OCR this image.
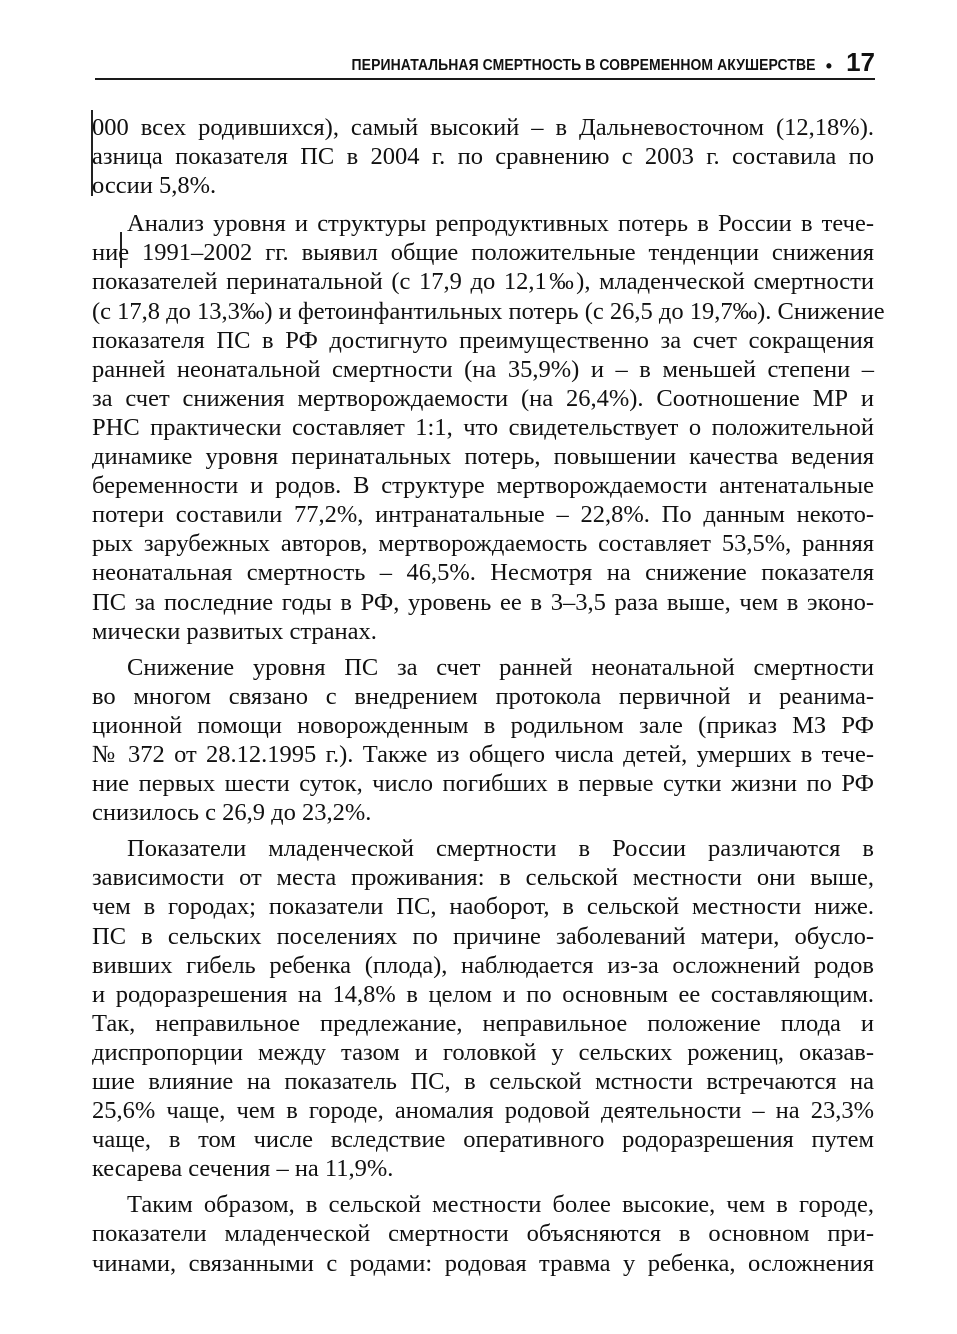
ПЕРИНАТАЛЬНАЯ СМЕРТНОСТЬ В СОВРЕМЕННОМ АКУШЕРСТВЕ • 17
000 всех родившихся), самый высокий – в Дальневосточном (12,18%).
азница показателя ПС в 2004 г. по сравнению с 2003 г. составила по
оссии 5,8%.
Анализ уровня и структуры репродуктивных потерь в России в тече-
ние 1991–2002 гг. выявил общие положительные тенденции снижения
показателей перинатальной (с 17,9 до 12,1‰), младенческой смертности
(с 17,8 до 13,3‰) и фетоинфантильных потерь (с 26,5 до 19,7‰). Снижение
показателя ПС в РФ достигнуто преимущественно за счет сокращения
ранней неонатальной смертности (на 35,9%) и – в меньшей степени –
за счет снижения мертворождаемости (на 26,4%). Соотношение МР и
РНС практически составляет 1:1, что свидетельствует о положительной
динамике уровня перинатальных потерь, повышении качества ведения
беременности и родов. В структуре мертворождаемости антенатальные
потери составили 77,2%, интранатальные – 22,8%. По данным некото-
рых зарубежных авторов, мертворождаемость составляет 53,5%, ранняя
неонатальная смертность – 46,5%. Несмотря на снижение показателя
ПС за последние годы в РФ, уровень ее в 3–3,5 раза выше, чем в эконо-
мически развитых странах.
Снижение уровня ПС за счет ранней неонатальной смертности
во многом связано с внедрением протокола первичной и реанима-
ционной помощи новорожденным в родильном зале (приказ МЗ РФ
№ 372 от 28.12.1995 г.). Также из общего числа детей, умерших в тече-
ние первых шести суток, число погибших в первые сутки жизни по РФ
снизилось с 26,9 до 23,2%.
Показатели младенческой смертности в России различаются в
зависимости от места проживания: в сельской местности они выше,
чем в городах; показатели ПС, наоборот, в сельской местности ниже.
ПС в сельских поселениях по причине заболеваний матери, обусло-
вивших гибель ребенка (плода), наблюдается из-за осложнений родов
и родоразрешения на 14,8% в целом и по основным ее составляющим.
Так, неправильное предлежание, неправильное положение плода и
диспропорции между тазом и головкой у сельских рожениц, оказав-
шие влияние на показатель ПС, в сельской мстности встречаются на
25,6% чаще, чем в городе, аномалия родовой деятельности – на 23,3%
чаще, в том числе вследствие оперативного родоразрешения путем
кесарева сечения – на 11,9%.
Таким образом, в сельской местности более высокие, чем в городе,
показатели младенческой смертности объясняются в основном при-
чинами, связанными с родами: родовая травма у ребенка, осложнения
